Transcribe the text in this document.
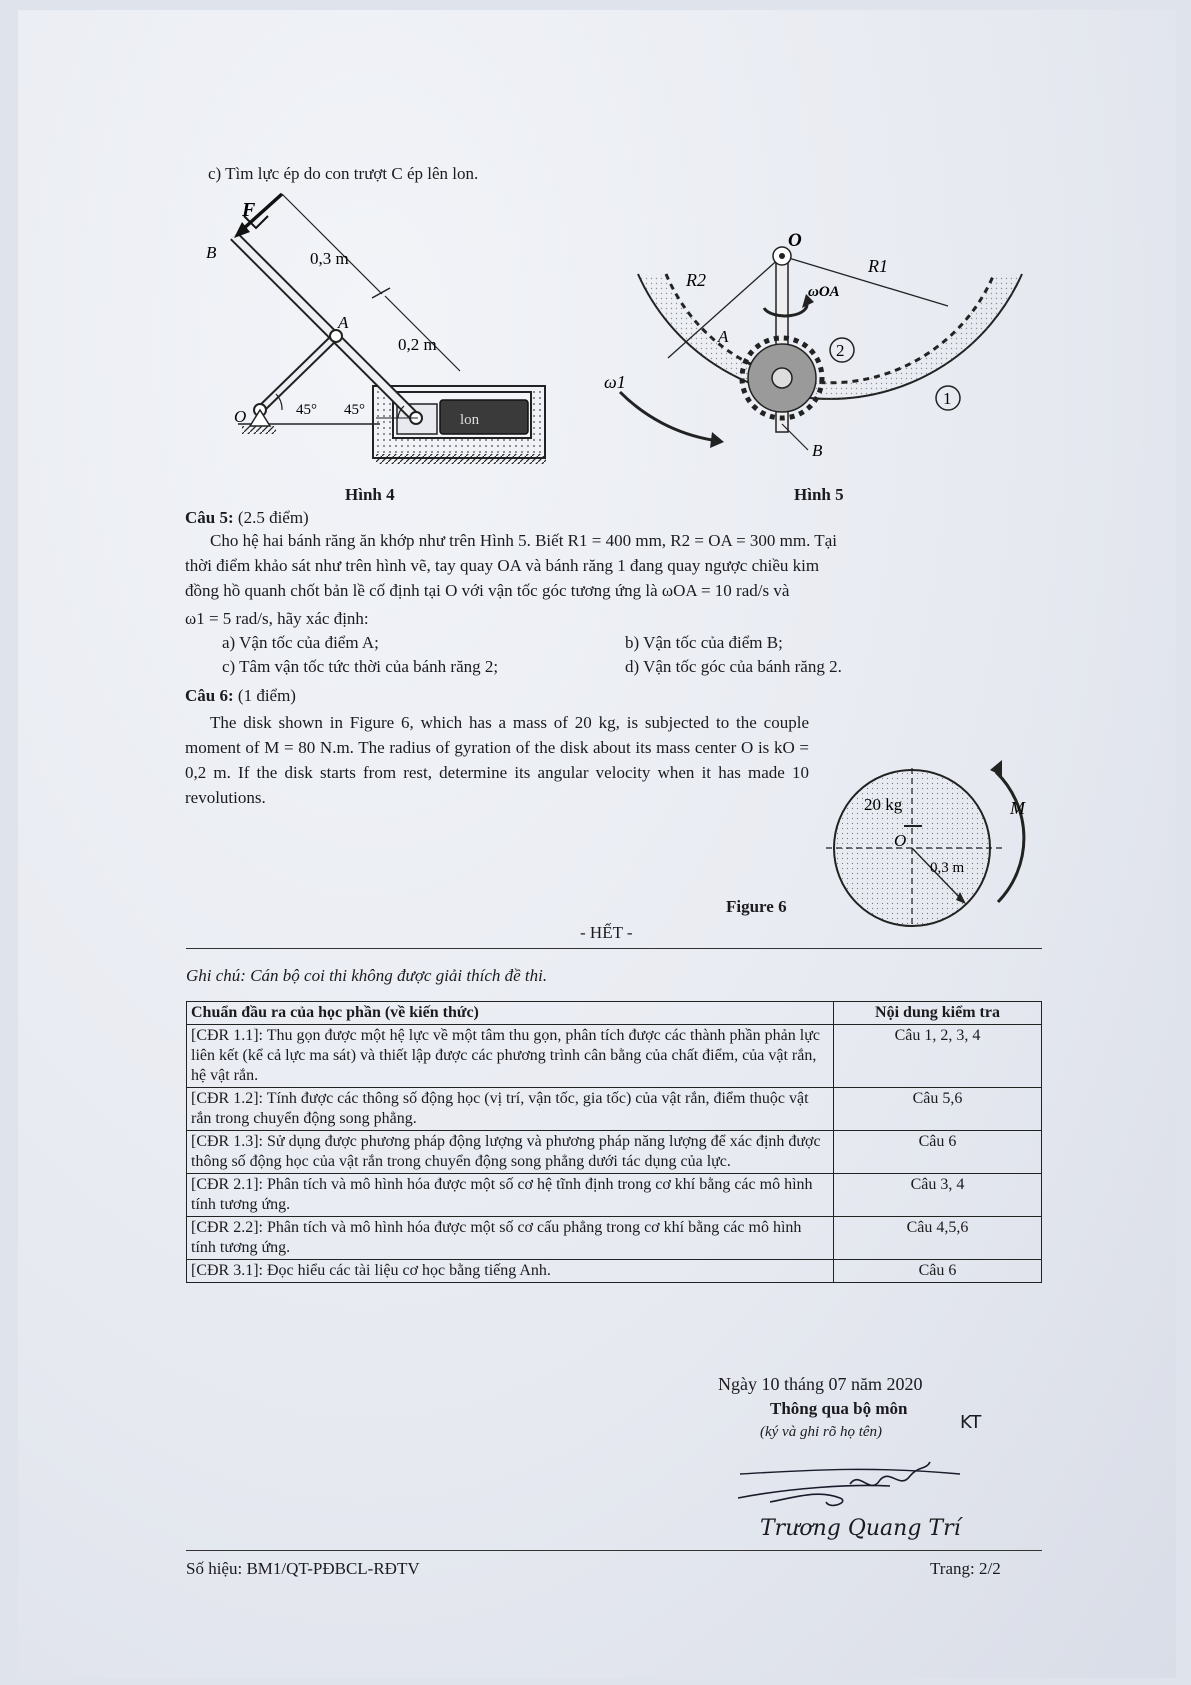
c) Tìm lực ép do con trượt C ép lên lon.
lon
F
B	0,3 m
A
0,2 m
O	45° 45°
Hình 4
2
1
O
R1
R2
ωOA
A
B
ω1
Hình 5
Câu 5: (2.5 điểm)
Cho hệ hai bánh răng ăn khớp như trên Hình 5. Biết R1 = 400 mm, R2 = OA = 300 mm. Tại
thời điểm khảo sát như trên hình vẽ, tay quay OA và bánh răng 1 đang quay ngược chiều kim
đồng hồ quanh chốt bản lề cố định tại O với vận tốc góc tương ứng là ωOA = 10 rad/s và
ω1 = 5 rad/s, hãy xác định:
a) Vận tốc của điểm A;	b) Vận tốc của điểm B;
c) Tâm vận tốc tức thời của bánh răng 2;	d) Vận tốc góc của bánh răng 2.
Câu 6: (1 điểm)
The disk shown in Figure 6, which has a mass of 20 kg, is subjected to the couple moment of M = 80 N.m. The radius of gyration of the disk about its mass center O is kO = 0,2 m. If the disk starts from rest, determine its angular velocity when it has made 10 revolutions.
Figure 6
20 kg	M
O
0,3 m
- HẾT -
Ghi chú: Cán bộ coi thi không được giải thích đề thi.
Chuẩn đầu ra của học phần (về kiến thức)	Nội dung kiểm tra
[CĐR 1.1]: Thu gọn được một hệ lực về một tâm thu gọn, phân tích được các thành phần phản lực liên kết (kể cả lực ma sát) và thiết lập được các phương trình cân bằng của chất điểm, của vật rắn, hệ vật rắn.	Câu 1, 2, 3, 4
[CĐR 1.2]: Tính được các thông số động học (vị trí, vận tốc, gia tốc) của vật rắn, điểm thuộc vật rắn trong chuyển động song phẳng.	Câu 5,6
[CĐR 1.3]: Sử dụng được phương pháp động lượng và phương pháp năng lượng để xác định được thông số động học của vật rắn trong chuyển động song phẳng dưới tác dụng của lực.	Câu 6
[CĐR 2.1]: Phân tích và mô hình hóa được một số cơ hệ tĩnh định trong cơ khí bằng các mô hình tính tương ứng.	Câu 3, 4
[CĐR 2.2]: Phân tích và mô hình hóa được một số cơ cấu phẳng trong cơ khí bằng các mô hình tính tương ứng.	Câu 4,5,6
[CĐR 3.1]: Đọc hiểu các tài liệu cơ học bằng tiếng Anh.	Câu 6
Ngày 10 tháng 07 năm 2020
Thông qua bộ môn
(ký và ghi rõ họ tên)	KT
Trương Quang Trí
Số hiệu: BM1/QT-PĐBCL-RĐTV	Trang: 2/2
